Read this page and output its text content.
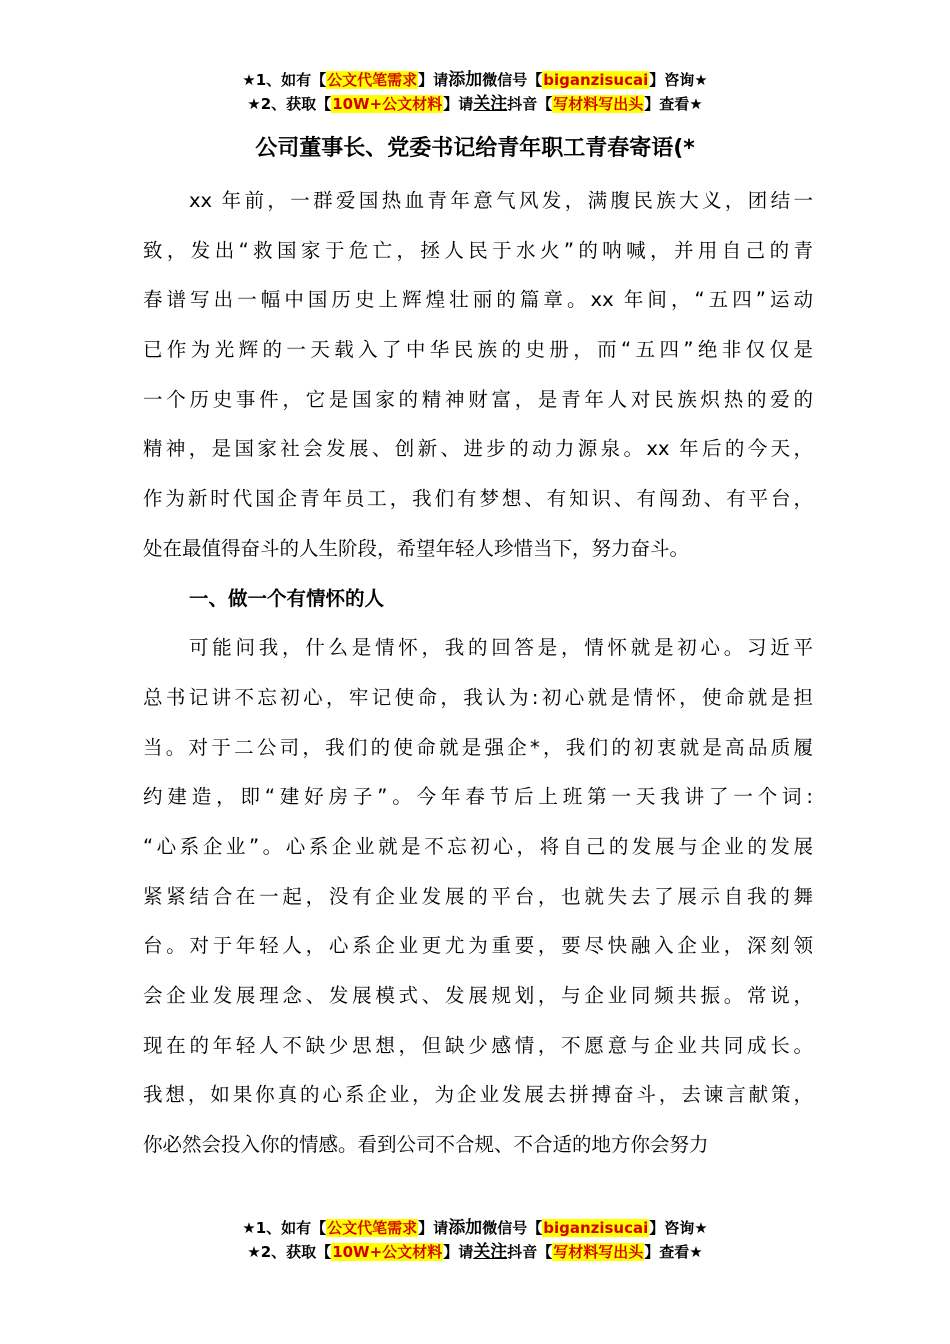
★1、如有【公文代笔需求】请添加微信号【biganzisucai】咨询★
★2、获取【10W+公文材料】请关注抖音【写材料写出头】查看★
公司董事长、党委书记给青年职工青春寄语(*
xx 年前，一群爱国热血青年意气风发，满腹民族大义，团结一
致，发出“救国家于危亡，拯人民于水火”的呐喊，并用自己的青
春谱写出一幅中国历史上辉煌壮丽的篇章。xx 年间，“五四”运动
已作为光辉的一天载入了中华民族的史册，而“五四”绝非仅仅是
一个历史事件，它是国家的精神财富，是青年人对民族炽热的爱的
精神，是国家社会发展、创新、进步的动力源泉。xx 年后的今天，
作为新时代国企青年员工，我们有梦想、有知识、有闯劲、有平台，
处在最值得奋斗的人生阶段，希望年轻人珍惜当下，努力奋斗。
一、做一个有情怀的人
可能问我，什么是情怀，我的回答是，情怀就是初心。习近平
总书记讲不忘初心，牢记使命，我认为:初心就是情怀，使命就是担
当。对于二公司，我们的使命就是强企*，我们的初衷就是高品质履
约建造，即“建好房子”。今年春节后上班第一天我讲了一个词:
“心系企业”。心系企业就是不忘初心，将自己的发展与企业的发展
紧紧结合在一起，没有企业发展的平台，也就失去了展示自我的舞
台。对于年轻人，心系企业更尤为重要，要尽快融入企业，深刻领
会企业发展理念、发展模式、发展规划，与企业同频共振。常说，
现在的年轻人不缺少思想，但缺少感情，不愿意与企业共同成长。
我想，如果你真的心系企业，为企业发展去拼搏奋斗，去谏言献策，
你必然会投入你的情感。看到公司不合规、不合适的地方你会努力
★1、如有【公文代笔需求】请添加微信号【biganzisucai】咨询★
★2、获取【10W+公文材料】请关注抖音【写材料写出头】查看★
